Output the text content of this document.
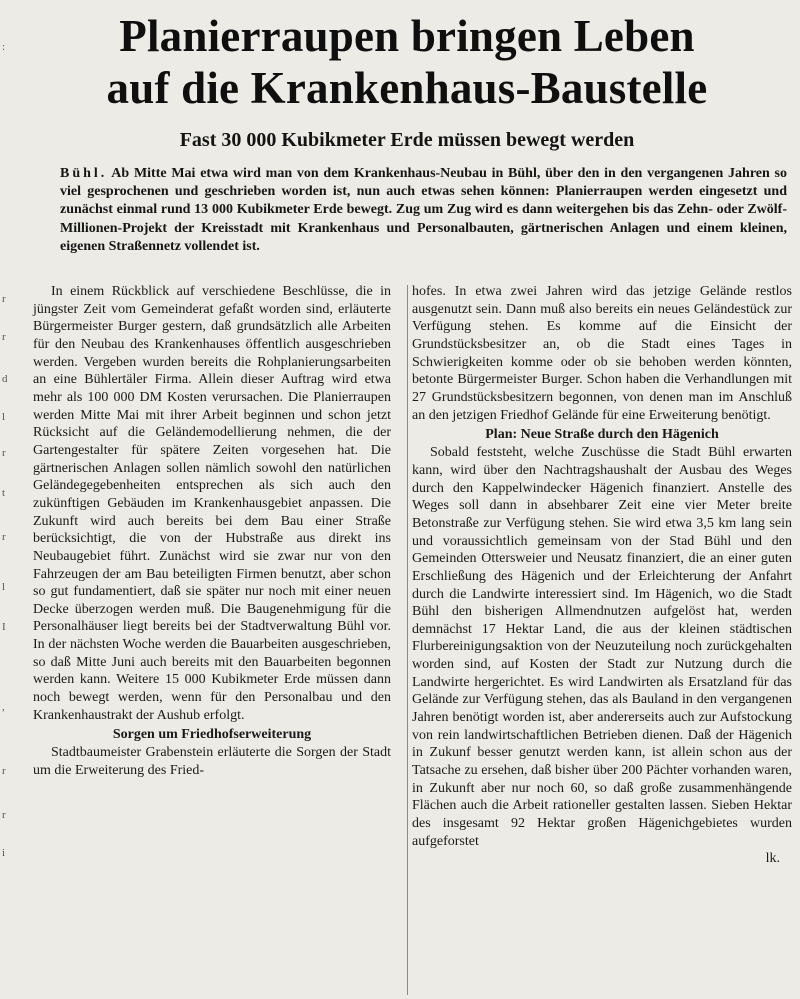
:
r
r
d
l
r
t
r
l
I
,
r
r
i
Planierraupen bringen Leben
auf die Krankenhaus-Baustelle
Fast 30 000 Kubikmeter Erde müssen bewegt werden
Bühl. Ab Mitte Mai etwa wird man von dem Krankenhaus-Neubau in Bühl, über den in den vergangenen Jahren so viel gesprochenen und geschrieben worden ist, nun auch etwas sehen können: Planierraupen werden eingesetzt und zunächst einmal rund 13 000 Kubikmeter Erde bewegt. Zug um Zug wird es dann weitergehen bis das Zehn- oder Zwölf-Millionen-Projekt der Kreisstadt mit Krankenhaus und Personalbauten, gärtnerischen Anlagen und einem kleinen, eigenen Straßennetz vollendet ist.

In einem Rückblick auf verschiedene Beschlüsse, die in jüngster Zeit vom Gemeinderat gefaßt worden sind, erläuterte Bürgermeister Burger gestern, daß grundsätzlich alle Arbeiten für den Neubau des Krankenhauses öffentlich ausgeschrieben werden. Vergeben wurden bereits die Rohplanierungsarbeiten an eine Bühlertäler Firma. Allein dieser Auftrag wird etwa mehr als 100 000 DM Kosten verursachen. Die Planierraupen werden Mitte Mai mit ihrer Arbeit beginnen und schon jetzt Rücksicht auf die Geländemodellierung nehmen, die der Gartengestalter für spätere Zeiten vorgesehen hat. Die gärtnerischen Anlagen sollen nämlich sowohl den natürlichen Geländegegebenheiten entsprechen als sich auch den zukünftigen Gebäuden im Krankenhausgebiet anpassen. Die Zukunft wird auch bereits bei dem Bau einer Straße berücksichtigt, die von der Hubstraße aus direkt ins Neubaugebiet führt. Zunächst wird sie zwar nur von den Fahrzeugen der am Bau beteiligten Firmen benutzt, aber schon so gut fundamentiert, daß sie später nur noch mit einer neuen Decke überzogen werden muß. Die Baugenehmigung für die Personalhäuser liegt bereits bei der Stadtverwaltung Bühl vor. In der nächsten Woche werden die Bauarbeiten ausgeschrieben, so daß Mitte Juni auch bereits mit den Bauarbeiten begonnen werden kann. Weitere 15 000 Kubikmeter Erde müssen dann noch bewegt werden, wenn für den Personalbau und den Krankenhaustrakt der Aushub erfolgt.

Sorgen um Friedhofserweiterung

Stadtbaumeister Grabenstein erläuterte die Sorgen der Stadt um die Erweiterung des Fried-

hofes. In etwa zwei Jahren wird das jetzige Gelände restlos ausgenutzt sein. Dann muß also bereits ein neues Geländestück zur Verfügung stehen. Es komme auf die Einsicht der Grundstücksbesitzer an, ob die Stadt eines Tages in Schwierigkeiten komme oder ob sie behoben werden könnten, betonte Bürgermeister Burger. Schon haben die Verhandlungen mit 27 Grundstücksbesitzern begonnen, von denen man im Anschluß an den jetzigen Friedhof Gelände für eine Erweiterung benötigt.

Plan: Neue Straße durch den Hägenich

Sobald feststeht, welche Zuschüsse die Stadt Bühl erwarten kann, wird über den Nachtragshaushalt der Ausbau des Weges durch den Kappelwindecker Hägenich finanziert. Anstelle des Weges soll dann in absehbarer Zeit eine vier Meter breite Betonstraße zur Verfügung stehen. Sie wird etwa 3,5 km lang sein und voraussichtlich gemeinsam von der Stad Bühl und den Gemeinden Ottersweier und Neusatz finanziert, die an einer guten Erschließung des Hägenich und der Erleichterung der Anfahrt durch die Landwirte interessiert sind. Im Hägenich, wo die Stadt Bühl den bisherigen Allmendnutzen aufgelöst hat, werden demnächst 17 Hektar Land, die aus der kleinen städtischen Flurbereinigungsaktion von der Neuzuteilung noch zurückgehalten worden sind, auf Kosten der Stadt zur Nutzung durch die Landwirte hergerichtet. Es wird Landwirten als Ersatzland für das Gelände zur Verfügung stehen, das als Bauland in den vergangenen Jahren benötigt worden ist, aber andererseits auch zur Aufstockung von rein landwirtschaftlichen Betrieben dienen. Daß der Hägenich in Zukunf besser genutzt werden kann, ist allein schon aus der Tatsache zu ersehen, daß bisher über 200 Pächter vorhanden waren, in Zukunft aber nur noch 60, so daß große zusammenhängende Flächen auch die Arbeit rationeller gestalten lassen. Sieben Hektar des insgesamt 92 Hektar großen Hägenichgebietes wurden aufgeforstet

lk.
